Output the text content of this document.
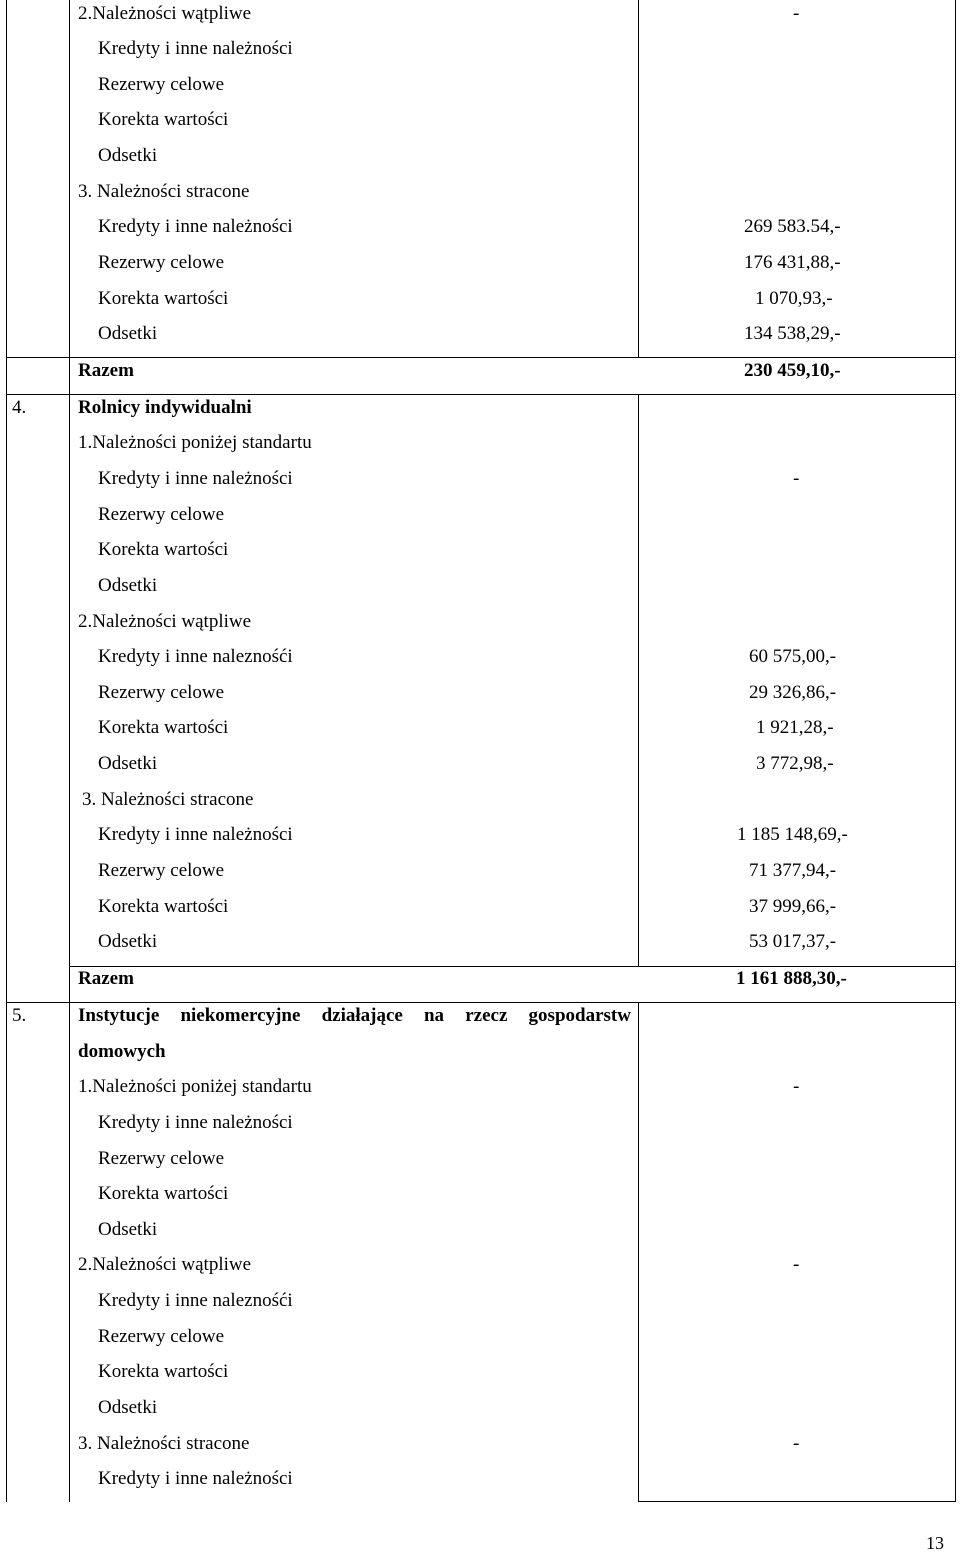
2.Należności wątpliwe	-
Kredyty i inne należności
Rezerwy celowe
Korekta wartości
Odsetki
3. Należności stracone
Kredyty i inne należności	269 583.54,-
Rezerwy celowe	176 431,88,-
Korekta wartości	1 070,93,-
Odsetki	134 538,29,-
Razem	230 459,10,-
4.	Rolnicy indywidualni
1.Należności poniżej standartu
Kredyty i inne należności	-
Rezerwy celowe
Korekta wartości
Odsetki
2.Należności wątpliwe
Kredyty i inne naleznośći	60 575,00,-
Rezerwy celowe	29 326,86,-
Korekta wartości	1 921,28,-
Odsetki	3 772,98,-
3. Należności stracone
Kredyty i inne należności	1 185 148,69,-
Rezerwy celowe	71 377,94,-
Korekta wartości	37 999,66,-
Odsetki	53 017,37,-
Razem	1 161 888,30,-
5.	Instytucje niekomercyjne działające na rzecz gospodarstw
domowych
1.Należności poniżej standartu	-
Kredyty i inne należności
Rezerwy celowe
Korekta wartości
Odsetki
2.Należności wątpliwe	-
Kredyty i inne naleznośći
Rezerwy celowe
Korekta wartości
Odsetki
3. Należności stracone	-
Kredyty i inne należności
13
